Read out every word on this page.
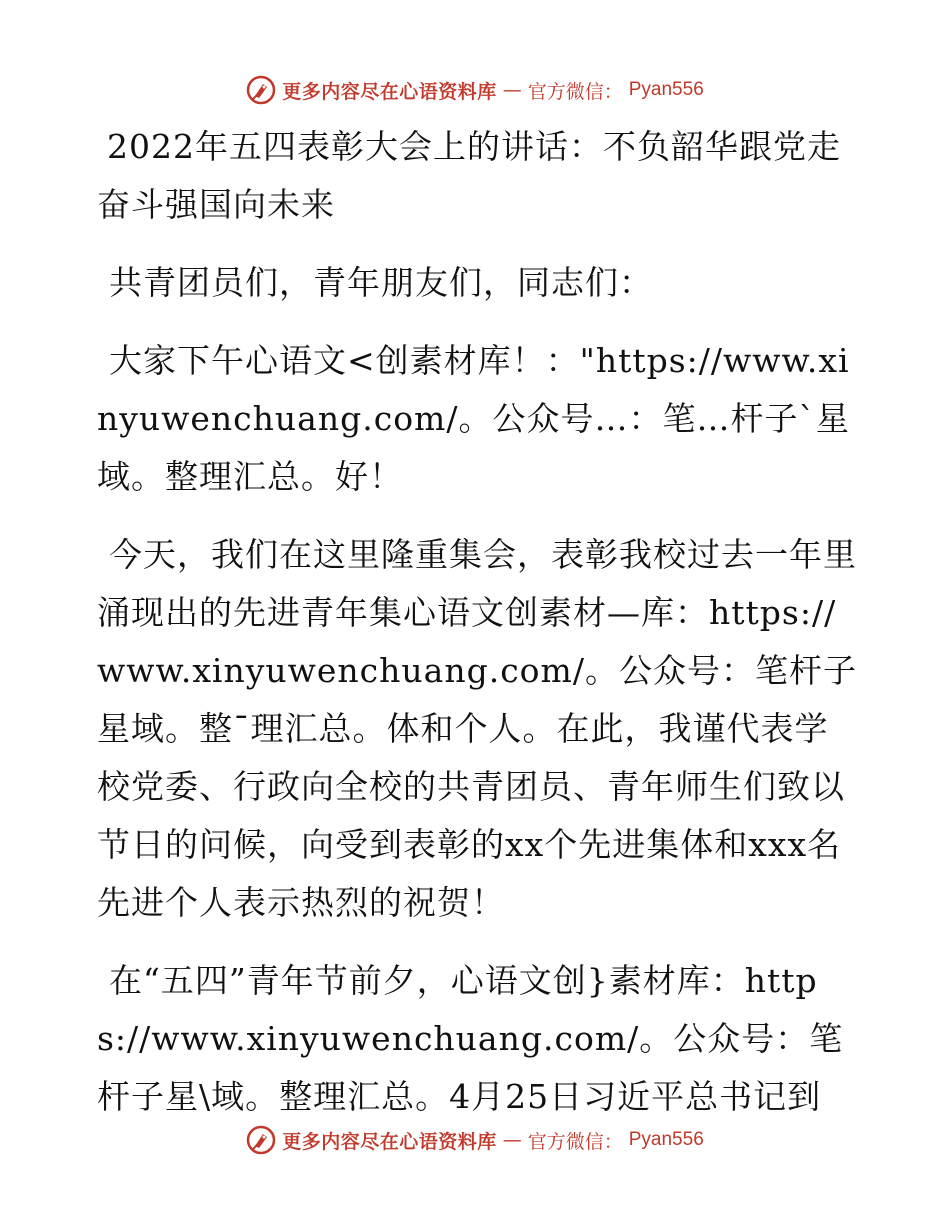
更多内容尽在心语资料库 — 官方微信： Pyan556

2022年五四表彰大会上的讲话：不负韶华跟党走奋斗强国向未来

共青团员们，青年朋友们，同志们：

大家下午心语文<创素材库！："https://www.xinyuwenchuang.com/。公众号…：笔…杆子`星域。整理汇总。好！

今天，我们在这里隆重集会，表彰我校过去一年里涌现出的先进青年集心语文创素材—库：https://www.xinyuwenchuang.com/。公众号：笔杆子星域。整¯理汇总。体和个人。在此，我谨代表学校党委、行政向全校的共青团员、青年师生们致以节日的问候，向受到表彰的xx个先进集体和xxx名先进个人表示热烈的祝贺！

在“五四”青年节前夕，心语文创}素材库：https://www.xinyuwenchuang.com/。公众号：笔杆子星\域。整理汇总。4月25日习近平总书记到

更多内容尽在心语资料库 — 官方微信： Pyan556
